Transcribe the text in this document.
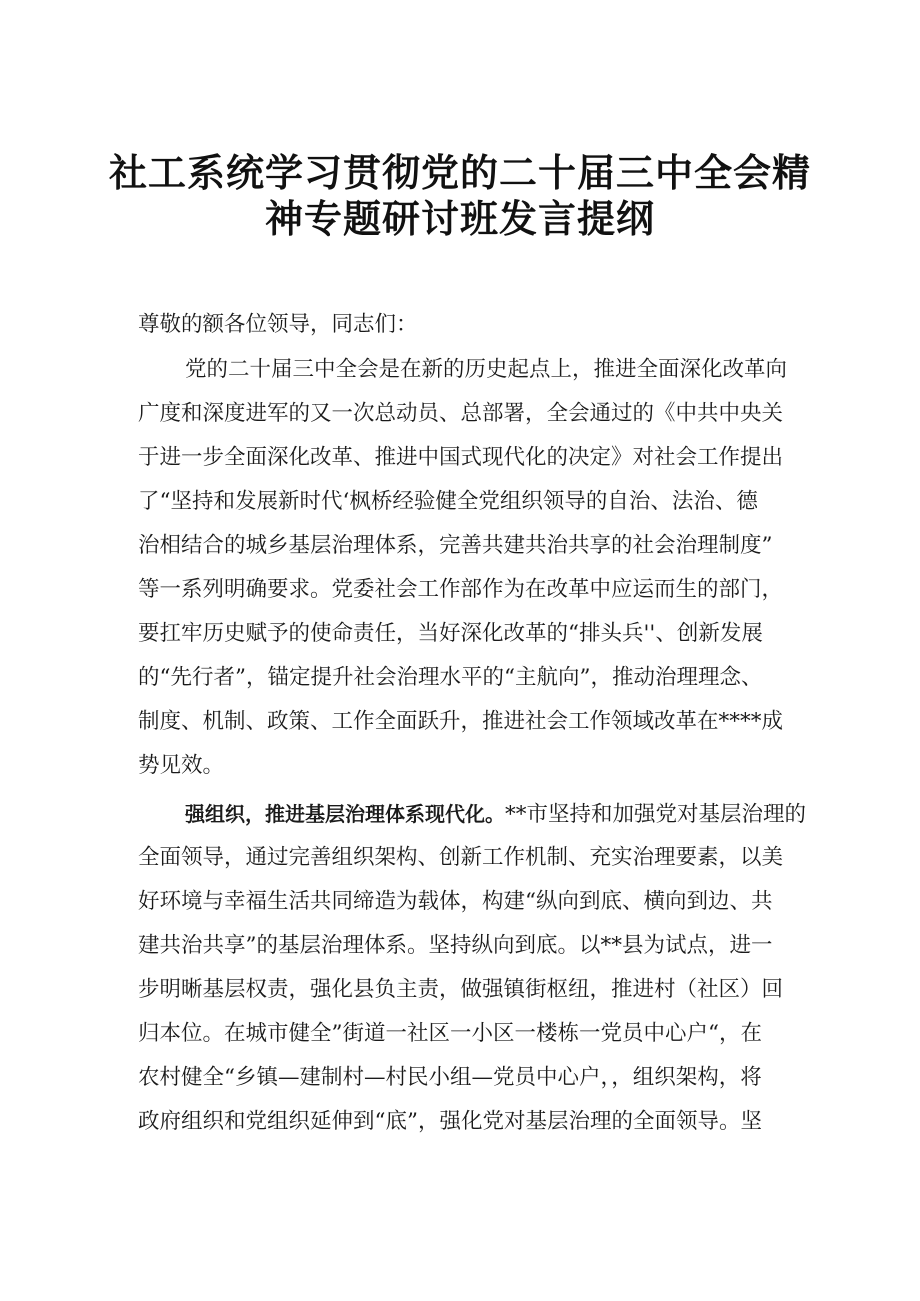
社工系统学习贯彻党的二十届三中全会精
神专题研讨班发言提纲
尊敬的额各位领导，同志们：
党的二十届三中全会是在新的历史起点上，推进全面深化改革向
广度和深度进军的又一次总动员、总部署，全会通过的《中共中央关
于进一步全面深化改革、推进中国式现代化的决定》对社会工作提出
了“坚持和发展新时代‘枫桥经验健全党组织领导的自治、法治、德
治相结合的城乡基层治理体系，完善共建共治共享的社会治理制度”
等一系列明确要求。党委社会工作部作为在改革中应运而生的部门，
要扛牢历史赋予的使命责任，当好深化改革的“排头兵''、创新发展
的“先行者”，锚定提升社会治理水平的“主航向”，推动治理理念、
制度、机制、政策、工作全面跃升，推进社会工作领域改革在****成
势见效。
强组织，推进基层治理体系现代化。**市坚持和加强党对基层治理的
全面领导，通过完善组织架构、创新工作机制、充实治理要素，以美
好环境与幸福生活共同缔造为载体，构建“纵向到底、横向到边、共
建共治共享”的基层治理体系。坚持纵向到底。以**县为试点，进一
步明晰基层权责，强化县负主责，做强镇街枢纽，推进村（社区）回
归本位。在城市健全”街道一社区一小区一楼栋一党员中心户“，在
农村健全“乡镇—建制村—村民小组—党员中心户，，组织架构，将
政府组织和党组织延伸到“底”，强化党对基层治理的全面领导。坚
